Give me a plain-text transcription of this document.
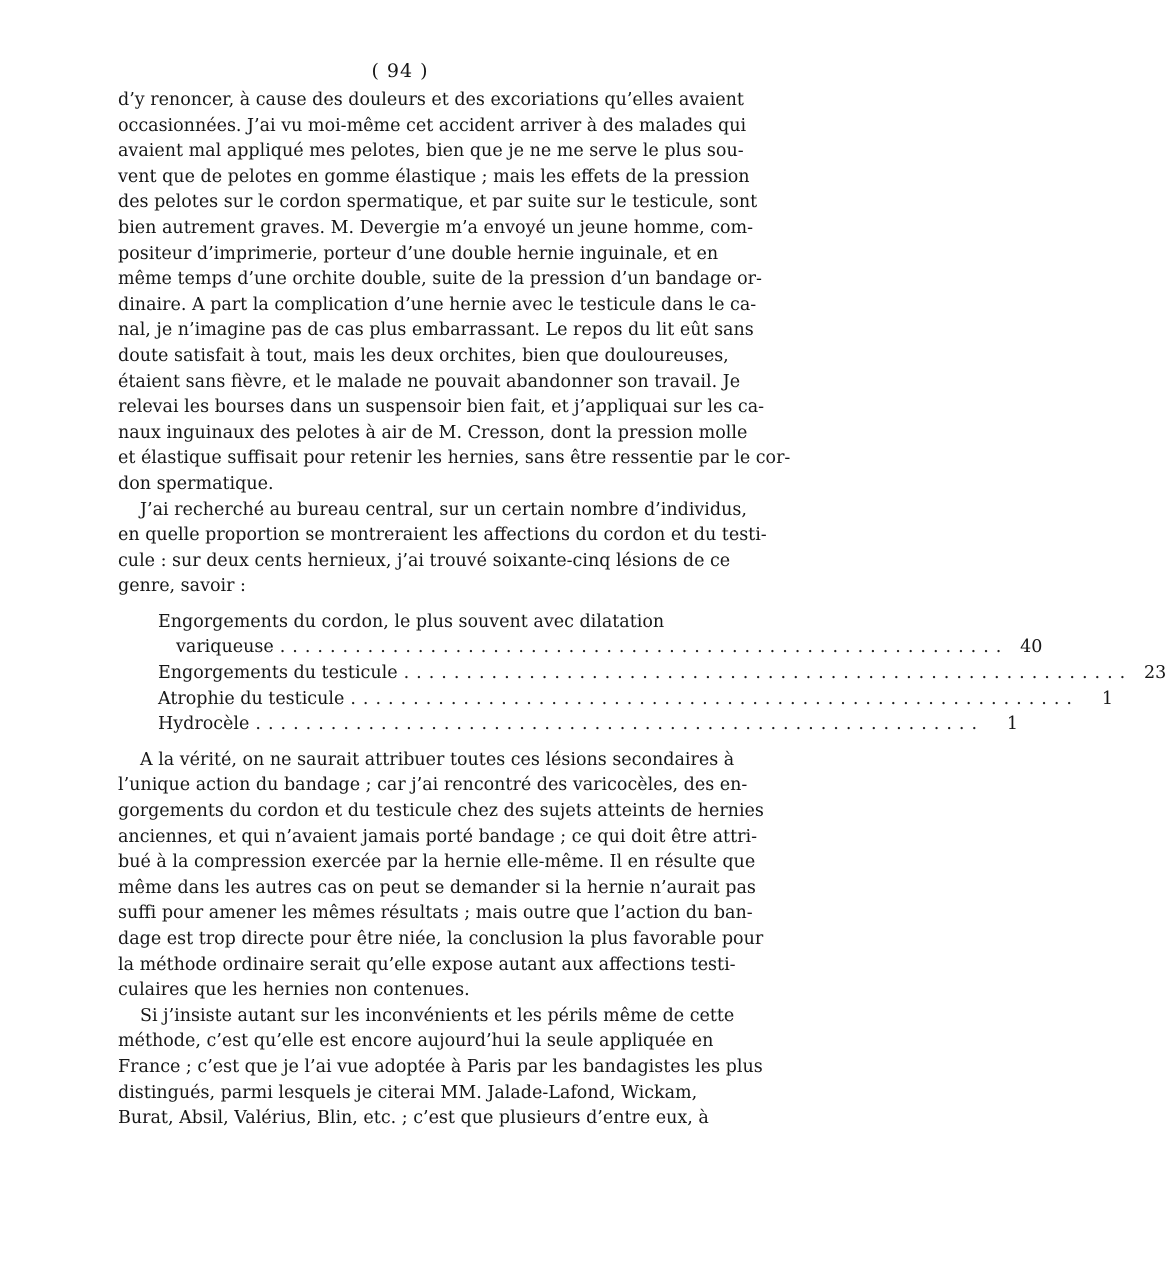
( 94 )
d’y renoncer, à cause des douleurs et des excoriations qu’elles avaient
occasionnées. J’ai vu moi-même cet accident arriver à des malades qui
avaient mal appliqué mes pelotes, bien que je ne me serve le plus sou-
vent que de pelotes en gomme élastique ; mais les effets de la pression
des pelotes sur le cordon spermatique, et par suite sur le testicule, sont
bien autrement graves. M. Devergie m’a envoyé un jeune homme, com-
positeur d’imprimerie, porteur d’une double hernie inguinale, et en
même temps d’une orchite double, suite de la pression d’un bandage or-
dinaire. A part la complication d’une hernie avec le testicule dans le ca-
nal, je n’imagine pas de cas plus embarrassant. Le repos du lit eût sans
doute satisfait à tout, mais les deux orchites, bien que douloureuses,
étaient sans fièvre, et le malade ne pouvait abandonner son travail. Je
relevai les bourses dans un suspensoir bien fait, et j’appliquai sur les ca-
naux inguinaux des pelotes à air de M. Cresson, dont la pression molle
et élastique suffisait pour retenir les hernies, sans être ressentie par le cor-
don spermatique.
J’ai recherché au bureau central, sur un certain nombre d’individus,
en quelle proportion se montreraient les affections du cordon et du testi-
cule : sur deux cents hernieux, j’ai trouvé soixante-cinq lésions de ce
genre, savoir :
Engorgements du cordon, le plus souvent avec dilatation
variqueuse .......................................................... 40
Engorgements du testicule .......................................................... 23
Atrophie du testicule ..........................................................	1
Hydrocèle ..........................................................	1
A la vérité, on ne saurait attribuer toutes ces lésions secondaires à
l’unique action du bandage ; car j’ai rencontré des varicocèles, des en-
gorgements du cordon et du testicule chez des sujets atteints de hernies
anciennes, et qui n’avaient jamais porté bandage ; ce qui doit être attri-
bué à la compression exercée par la hernie elle-même. Il en résulte que
même dans les autres cas on peut se demander si la hernie n’aurait pas
suffi pour amener les mêmes résultats ; mais outre que l’action du ban-
dage est trop directe pour être niée, la conclusion la plus favorable pour
la méthode ordinaire serait qu’elle expose autant aux affections testi-
culaires que les hernies non contenues.
Si j’insiste autant sur les inconvénients et les périls même de cette
méthode, c’est qu’elle est encore aujourd’hui la seule appliquée en
France ; c’est que je l’ai vue adoptée à Paris par les bandagistes les plus
distingués, parmi lesquels je citerai MM. Jalade-Lafond, Wickam,
Burat, Absil, Valérius, Blin, etc. ; c’est que plusieurs d’entre eux, à
